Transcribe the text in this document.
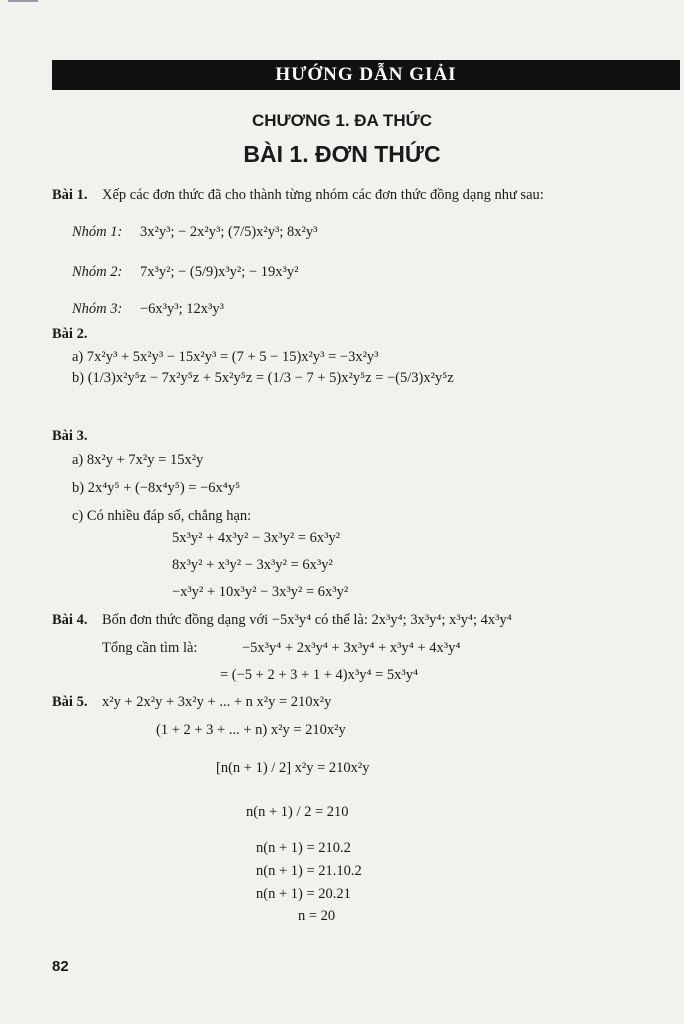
HƯỚNG DẪN GIẢI
CHƯƠNG 1. ĐA THỨC
BÀI 1. ĐƠN THỨC
Bài 1. Xếp các đơn thức đã cho thành từng nhóm các đơn thức đồng dạng như sau:
Nhóm 1: 3x²y³; − 2x²y³; (7/5)x²y³; 8x²y³
Nhóm 2: 7x³y²; − (5/9)x³y²; − 19x³y²
Nhóm 3: −6x³y³; 12x³y³
Bài 2.
a) 7x²y³ + 5x²y³ − 15x²y³ = (7 + 5 − 15)x²y³ = −3x²y³
b) (1/3)x²y⁵z − 7x²y⁵z + 5x²y⁵z = (1/3 − 7 + 5)x²y⁵z = −(5/3)x²y⁵z
Bài 3.
a) 8x²y + 7x²y = 15x²y
b) 2x⁴y⁵ + (−8x⁴y⁵) = −6x⁴y⁵
c) Có nhiều đáp số, chẳng hạn:
5x³y² + 4x³y² − 3x³y² = 6x³y²
8x³y² + x³y² − 3x³y² = 6x³y²
−x³y² + 10x³y² − 3x³y² = 6x³y²
Bài 4. Bốn đơn thức đồng dạng với −5x³y⁴ có thể là: 2x³y⁴; 3x³y⁴; x³y⁴; 4x³y⁴
Tổng cần tìm là:	−5x³y⁴ + 2x³y⁴ + 3x³y⁴ + x³y⁴ + 4x³y⁴
= (−5 + 2 + 3 + 1 + 4)x³y⁴ = 5x³y⁴
Bài 5. x²y + 2x²y + 3x²y + ... + n x²y = 210x²y
(1 + 2 + 3 + ... + n) x²y = 210x²y
[n(n + 1) / 2] x²y = 210x²y
n(n + 1) / 2 = 210
n(n + 1) = 210.2
n(n + 1) = 21.10.2
n(n + 1) = 20.21
n = 20
82
